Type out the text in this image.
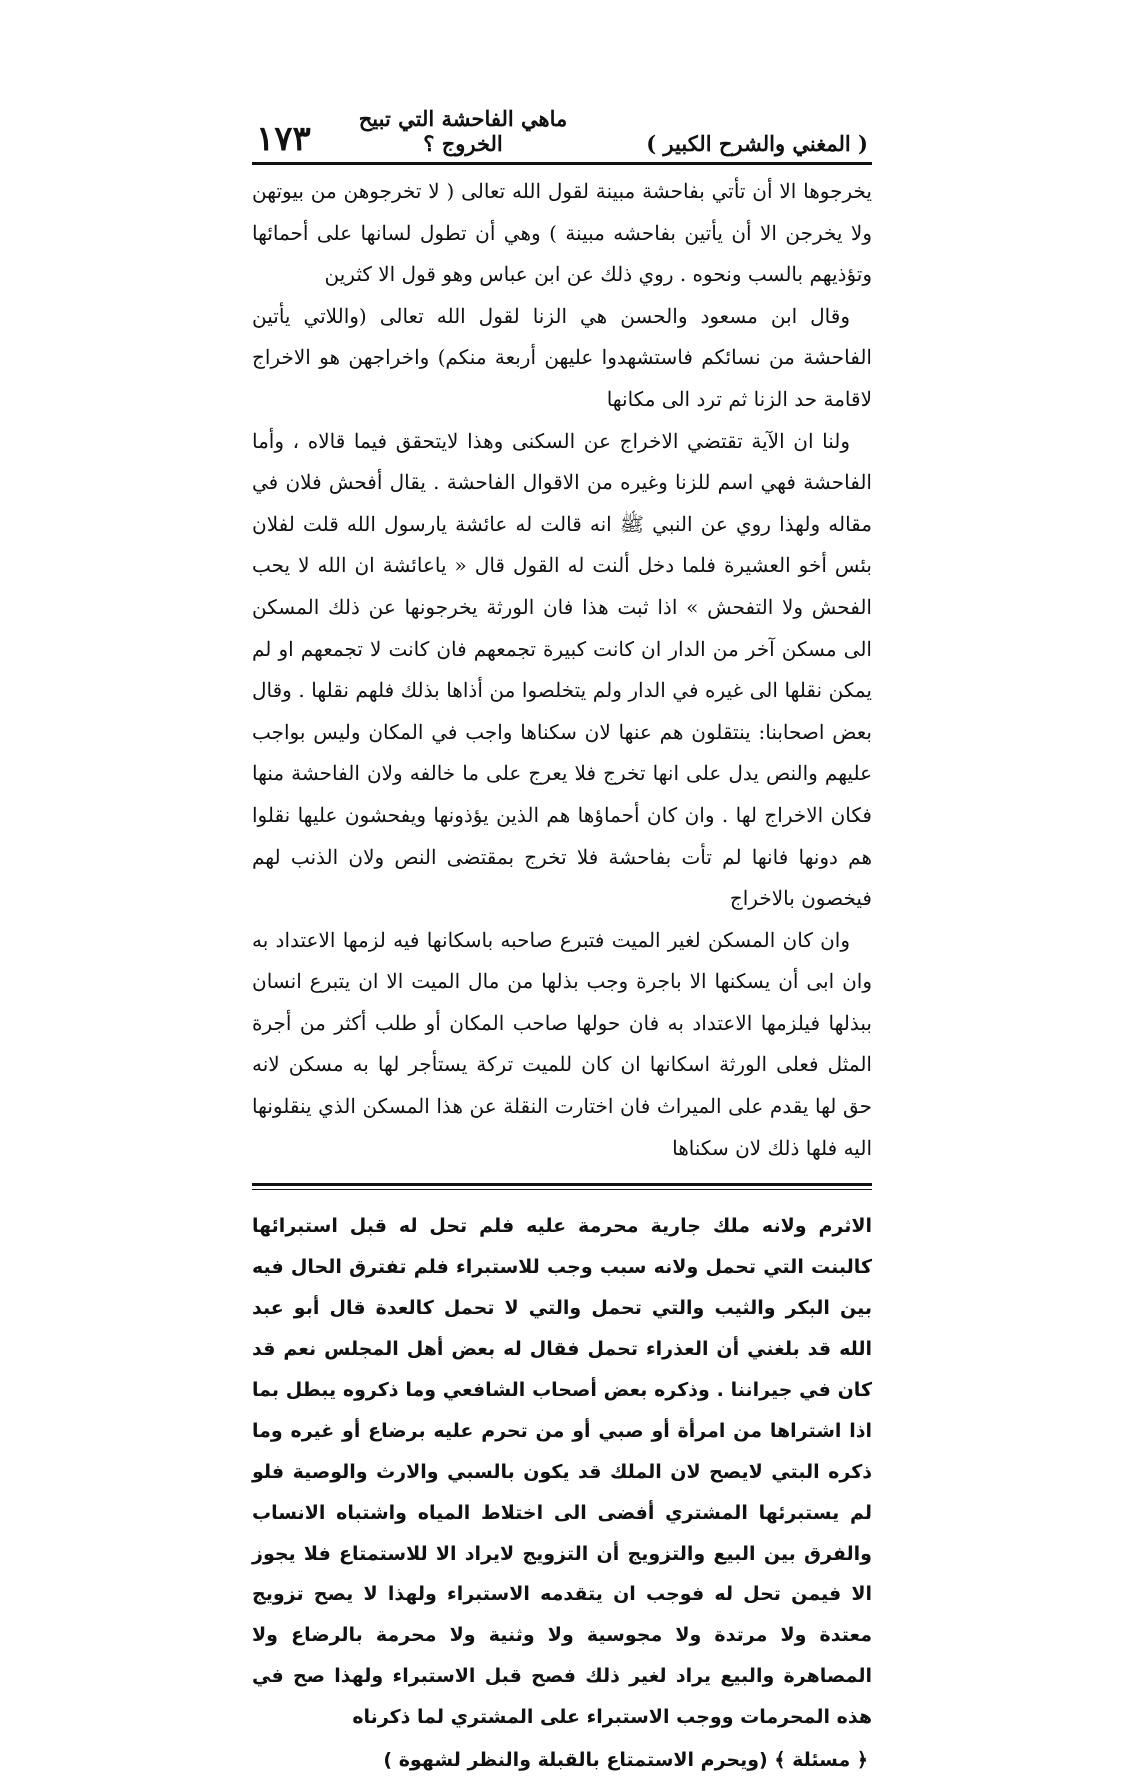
( المغني والشرح الكبير )
ماهي الفاحشة التي تبيح الخروج ؟
١٧٣

يخرجوها الا أن تأتي بفاحشة مبينة لقول الله تعالى ( لا تخرجوهن من بيوتهن ولا يخرجن الا أن يأتين بفاحشه مبينة ) وهي أن تطول لسانها على أحمائها وتؤذيهم بالسب ونحوه . روي ذلك عن ابن عباس وهو قول الا كثرين

وقال ابن مسعود والحسن هي الزنا لقول الله تعالى (واللاتي يأتين الفاحشة من نسائكم فاستشهدوا عليهن أربعة منكم) واخراجهن هو الاخراج لاقامة حد الزنا ثم ترد الى مكانها

ولنا ان الآية تقتضي الاخراج عن السكنى وهذا لايتحقق فيما قالاه ، وأما الفاحشة فهي اسم للزنا وغيره من الاقوال الفاحشة . يقال أفحش فلان في مقاله ولهذا روي عن النبي ﷺ انه قالت له عائشة يارسول الله قلت لفلان بئس أخو العشيرة فلما دخل ألنت له القول قال « ياعائشة ان الله لا يحب الفحش ولا التفحش » اذا ثبت هذا فان الورثة يخرجونها عن ذلك المسكن الى مسكن آخر من الدار ان كانت كبيرة تجمعهم فان كانت لا تجمعهم او لم يمكن نقلها الى غيره في الدار ولم يتخلصوا من أذاها بذلك فلهم نقلها . وقال بعض اصحابنا: ينتقلون هم عنها لان سكناها واجب في المكان وليس بواجب عليهم والنص يدل على انها تخرج فلا يعرج على ما خالفه ولان الفاحشة منها فكان الاخراج لها . وان كان أحماؤها هم الذين يؤذونها ويفحشون عليها نقلوا هم دونها فانها لم تأت بفاحشة فلا تخرج بمقتضى النص ولان الذنب لهم فيخصون بالاخراج

وان كان المسكن لغير الميت فتبرع صاحبه باسكانها فيه لزمها الاعتداد به وان ابى أن يسكنها الا باجرة وجب بذلها من مال الميت الا ان يتبرع انسان ببذلها فيلزمها الاعتداد به فان حولها صاحب المكان أو طلب أكثر من أجرة المثل فعلى الورثة اسكانها ان كان للميت تركة يستأجر لها به مسكن لانه حق لها يقدم على الميراث فان اختارت النقلة عن هذا المسكن الذي ينقلونها اليه فلها ذلك لان سكناها

الاثرم ولانه ملك جارية محرمة عليه فلم تحل له قبل استبرائها كالبنت التي تحمل ولانه سبب وجب للاستبراء فلم تفترق الحال فيه بين البكر والثيب والتي تحمل والتي لا تحمل كالعدة قال أبو عبد الله قد بلغني أن العذراء تحمل فقال له بعض أهل المجلس نعم قد كان في جيراننا . وذكره بعض أصحاب الشافعي وما ذكروه يبطل بما اذا اشتراها من امرأة أو صبي أو من تحرم عليه برضاع أو غيره وما ذكره البتي لايصح لان الملك قد يكون بالسبي والارث والوصية فلو لم يستبرئها المشتري أفضى الى اختلاط المياه واشتباه الانساب والفرق بين البيع والتزويج أن التزويج لايراد الا للاستمتاع فلا يجوز الا فيمن تحل له فوجب ان يتقدمه الاستبراء ولهذا لا يصح تزويج معتدة ولا مرتدة ولا مجوسية ولا وثنية ولا محرمة بالرضاع ولا المصاهرة والبيع يراد لغير ذلك فصح قبل الاستبراء ولهذا صح في هذه المحرمات ووجب الاستبراء على المشتري لما ذكرناه

﴿ مسئلة ﴾ (ويحرم الاستمتاع بالقبلة والنظر لشهوة )
